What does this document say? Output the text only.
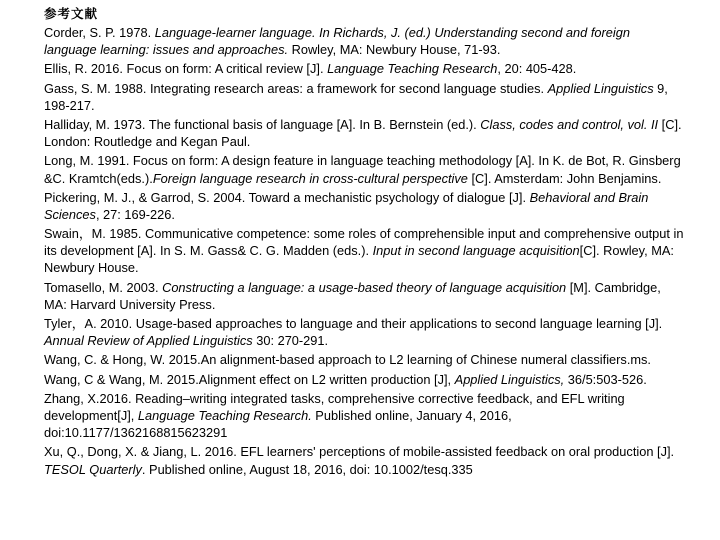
参考文献
Corder, S. P. 1978. Language-learner language. In Richards, J. (ed.) Understanding second and foreign language learning: issues and approaches. Rowley, MA: Newbury House, 71-93.
Ellis, R. 2016. Focus on form: A critical review [J]. Language Teaching Research, 20: 405-428.
Gass, S. M. 1988. Integrating research areas: a framework for second language studies. Applied Linguistics 9, 198-217.
Halliday, M. 1973. The functional basis of language [A]. In B. Bernstein (ed.). Class, codes and control, vol. II [C]. London: Routledge and Kegan Paul.
Long, M. 1991. Focus on form: A design feature in language teaching methodology [A]. In K. de Bot, R. Ginsberg &C. Kramtch(eds.).Foreign language research in cross-cultural perspective [C]. Amsterdam: John Benjamins.
Pickering, M. J., & Garrod, S. 2004. Toward a mechanistic psychology of dialogue [J]. Behavioral and Brain Sciences, 27: 169-226.
Swain，M. 1985. Communicative competence: some roles of comprehensible input and comprehensive output in its development [A]. In S. M. Gass& C. G. Madden (eds.). Input in second language acquisition[C]. Rowley, MA: Newbury House.
Tomasello, M. 2003. Constructing a language: a usage-based theory of language acquisition [M]. Cambridge, MA: Harvard University Press.
Tyler，A. 2010. Usage-based approaches to language and their applications to second language learning [J]. Annual Review of Applied Linguistics 30: 270-291.
Wang, C. & Hong, W. 2015.An alignment-based approach to L2 learning of Chinese numeral classifiers.ms.
Wang, C & Wang, M. 2015.Alignment effect on L2 written production [J], Applied Linguistics, 36/5:503-526.
Zhang, X.2016. Reading–writing integrated tasks, comprehensive corrective feedback, and EFL writing development[J], Language Teaching Research. Published online, January 4, 2016, doi:10.1177/1362168815623291
Xu, Q., Dong, X. & Jiang, L. 2016. EFL learners' perceptions of mobile-assisted feedback on oral production [J]. TESOL Quarterly. Published online, August 18, 2016, doi: 10.1002/tesq.335
